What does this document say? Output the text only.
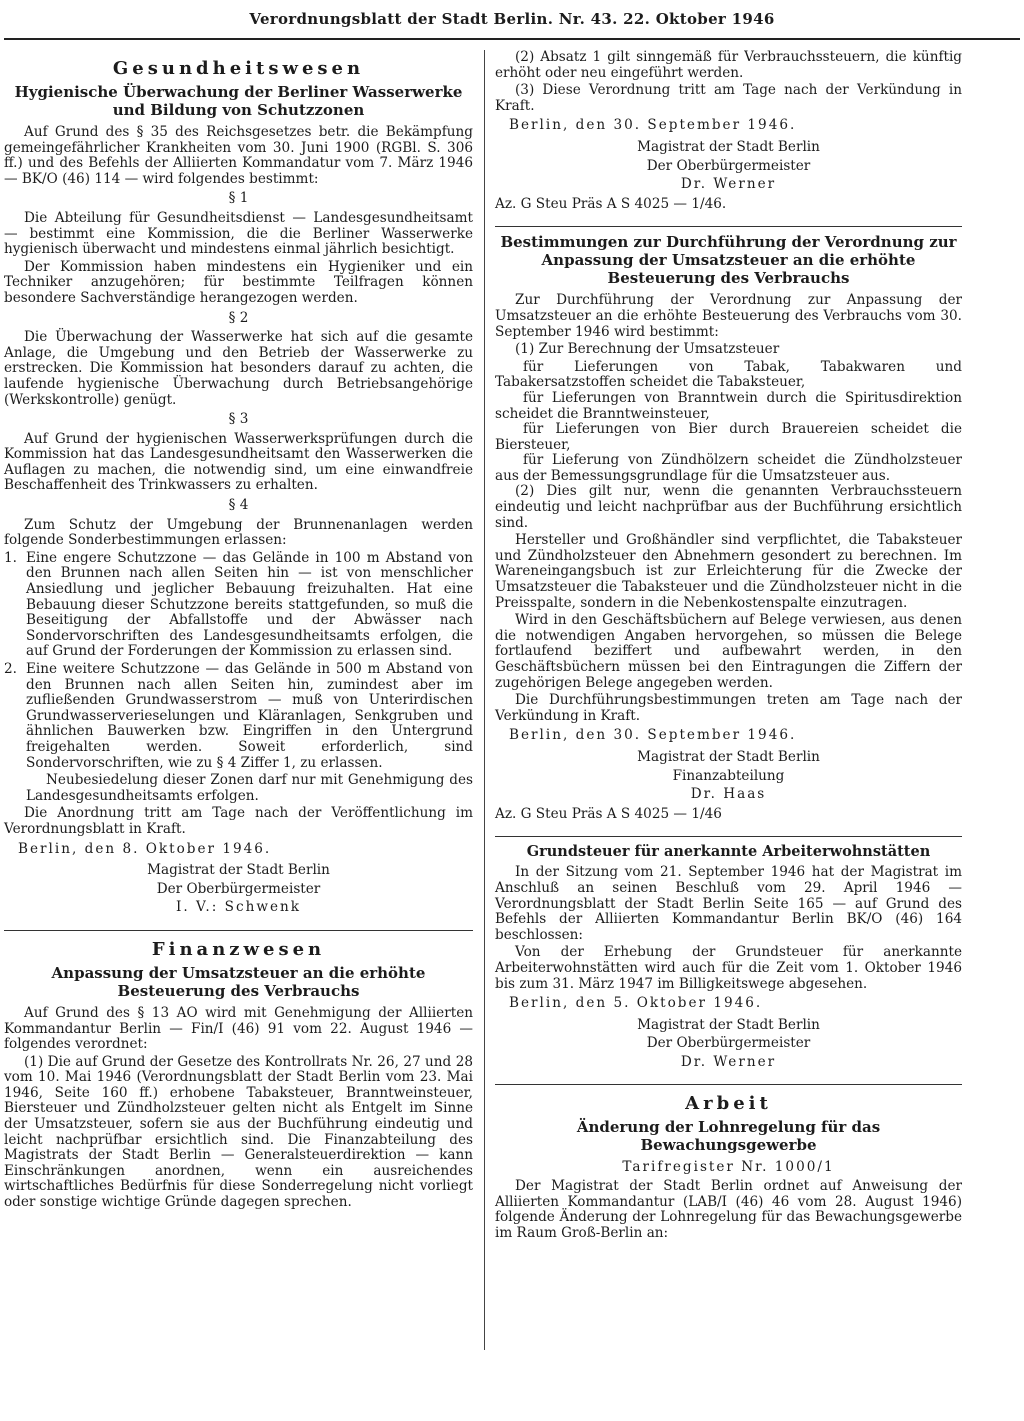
Verordnungsblatt der Stadt Berlin. Nr. 43. 22. Oktober 1946
Gesundheitswesen
Hygienische Überwachung der Berliner Wasserwerke und Bildung von Schutzzonen

Auf Grund des § 35 des Reichsgesetzes betr. die Bekämpfung gemeingefährlicher Krankheiten vom 30. Juni 1900 (RGBl. S. 306 ff.) und des Befehls der Alliierten Kommandatur vom 7. März 1946 — BK/O (46) 114 — wird folgendes bestimmt:

§ 1

Die Abteilung für Gesundheitsdienst — Landesgesundheitsamt — bestimmt eine Kommission, die die Berliner Wasserwerke hygienisch überwacht und mindestens einmal jährlich besichtigt.

Der Kommission haben mindestens ein Hygieniker und ein Techniker anzugehören; für bestimmte Teilfragen können besondere Sachverständige herangezogen werden.

§ 2

Die Überwachung der Wasserwerke hat sich auf die gesamte Anlage, die Umgebung und den Betrieb der Wasserwerke zu erstrecken. Die Kommission hat besonders darauf zu achten, die laufende hygienische Überwachung durch Betriebsangehörige (Werkskontrolle) genügt.

§ 3

Auf Grund der hygienischen Wasserwerksprüfungen durch die Kommission hat das Landesgesundheitsamt den Wasserwerken die Auflagen zu machen, die notwendig sind, um eine einwandfreie Beschaffenheit des Trinkwassers zu erhalten.

§ 4

Zum Schutz der Umgebung der Brunnenanlagen werden folgende Sonderbestimmungen erlassen:

1. Eine engere Schutzzone — das Gelände in 100 m Abstand von den Brunnen nach allen Seiten hin — ist von menschlicher Ansiedlung und jeglicher Bebauung freizuhalten. Hat eine Bebauung dieser Schutzzone bereits stattgefunden, so muß die Beseitigung der Abfallstoffe und der Abwässer nach Sondervorschriften des Landesgesundheitsamts erfolgen, die auf Grund der Forderungen der Kommission zu erlassen sind.
2. Eine weitere Schutzzone — das Gelände in 500 m Abstand von den Brunnen nach allen Seiten hin, zumindest aber im zufließenden Grundwasserstrom — muß von Unterirdischen Grundwasserverieselungen und Kläranlagen, Senkgruben und ähnlichen Bauwerken bzw. Eingriffen in den Untergrund freigehalten werden. Soweit erforderlich, sind Sondervorschriften, wie zu § 4 Ziffer 1, zu erlassen.

Neubesiedelung dieser Zonen darf nur mit Genehmigung des Landesgesundheitsamts erfolgen.

Die Anordnung tritt am Tage nach der Veröffentlichung im Verordnungsblatt in Kraft.

Berlin, den 8. Oktober 1946.
Magistrat der Stadt Berlin
Der Oberbürgermeister
I. V.: Schwenk
Finanzwesen
Anpassung der Umsatzsteuer an die erhöhte Besteuerung des Verbrauchs

Auf Grund des § 13 AO wird mit Genehmigung der Alliierten Kommandantur Berlin — Fin/I (46) 91 vom 22. August 1946 — folgendes verordnet:

(1) Die auf Grund der Gesetze des Kontrollrats Nr. 26, 27 und 28 vom 10. Mai 1946 (Verordnungsblatt der Stadt Berlin vom 23. Mai 1946, Seite 160 ff.) erhobene Tabaksteuer, Branntweinsteuer, Biersteuer und Zündholzsteuer gelten nicht als Entgelt im Sinne der Umsatzsteuer, sofern sie aus der Buchführung eindeutig und leicht nachprüfbar ersichtlich sind. Die Finanzabteilung des Magistrats der Stadt Berlin — Generalsteuerdirektion — kann Einschränkungen anordnen, wenn ein ausreichendes wirtschaftliches Bedürfnis für diese Sonderregelung nicht vorliegt oder sonstige wichtige Gründe dagegen sprechen.

(2) Absatz 1 gilt sinngemäß für Verbrauchssteuern, die künftig erhöht oder neu eingeführt werden.

(3) Diese Verordnung tritt am Tage nach der Verkündung in Kraft.

Berlin, den 30. September 1946.
Magistrat der Stadt Berlin
Der Oberbürgermeister
Dr. Werner
Az. G Steu Präs A S 4025 — 1/46.
Bestimmungen zur Durchführung der Verordnung zur Anpassung der Umsatzsteuer an die erhöhte Besteuerung des Verbrauchs

Zur Durchführung der Verordnung zur Anpassung der Umsatzsteuer an die erhöhte Besteuerung des Verbrauchs vom 30. September 1946 wird bestimmt:

(1) Zur Berechnung der Umsatzsteuer

für Lieferungen von Tabak, Tabakwaren und Tabakersatzstoffen scheidet die Tabaksteuer,
für Lieferungen von Branntwein durch die Spiritusdirektion scheidet die Branntweinsteuer,
für Lieferungen von Bier durch Brauereien scheidet die Biersteuer,
für Lieferung von Zündhölzern scheidet die Zündholzsteuer aus der Bemessungsgrundlage für die Umsatzsteuer aus.

(2) Dies gilt nur, wenn die genannten Verbrauchssteuern eindeutig und leicht nachprüfbar aus der Buchführung ersichtlich sind.

Hersteller und Großhändler sind verpflichtet, die Tabaksteuer und Zündholzsteuer den Abnehmern gesondert zu berechnen. Im Wareneingangsbuch ist zur Erleichterung für die Zwecke der Umsatzsteuer die Tabaksteuer und die Zündholzsteuer nicht in die Preisspalte, sondern in die Nebenkostenspalte einzutragen.

Wird in den Geschäftsbüchern auf Belege verwiesen, aus denen die notwendigen Angaben hervorgehen, so müssen die Belege fortlaufend beziffert und aufbewahrt werden, in den Geschäftsbüchern müssen bei den Eintragungen die Ziffern der zugehörigen Belege angegeben werden.

Die Durchführungsbestimmungen treten am Tage nach der Verkündung in Kraft.

Berlin, den 30. September 1946.
Magistrat der Stadt Berlin
Finanzabteilung
Dr. Haas
Az. G Steu Präs A S 4025 — 1/46
Grundsteuer für anerkannte Arbeiterwohnstätten

In der Sitzung vom 21. September 1946 hat der Magistrat im Anschluß an seinen Beschluß vom 29. April 1946 — Verordnungsblatt der Stadt Berlin Seite 165 — auf Grund des Befehls der Alliierten Kommandantur Berlin BK/O (46) 164 beschlossen:

Von der Erhebung der Grundsteuer für anerkannte Arbeiterwohnstätten wird auch für die Zeit vom 1. Oktober 1946 bis zum 31. März 1947 im Billigkeitswege abgesehen.

Berlin, den 5. Oktober 1946.
Magistrat der Stadt Berlin
Der Oberbürgermeister
Dr. Werner
Arbeit
Änderung der Lohnregelung für das Bewachungsgewerbe
Tarifregister Nr. 1000/1

Der Magistrat der Stadt Berlin ordnet auf Anweisung der Alliierten Kommandantur (LAB/I (46) 46 vom 28. August 1946) folgende Änderung der Lohnregelung für das Bewachungsgewerbe im Raum Groß-Berlin an:
